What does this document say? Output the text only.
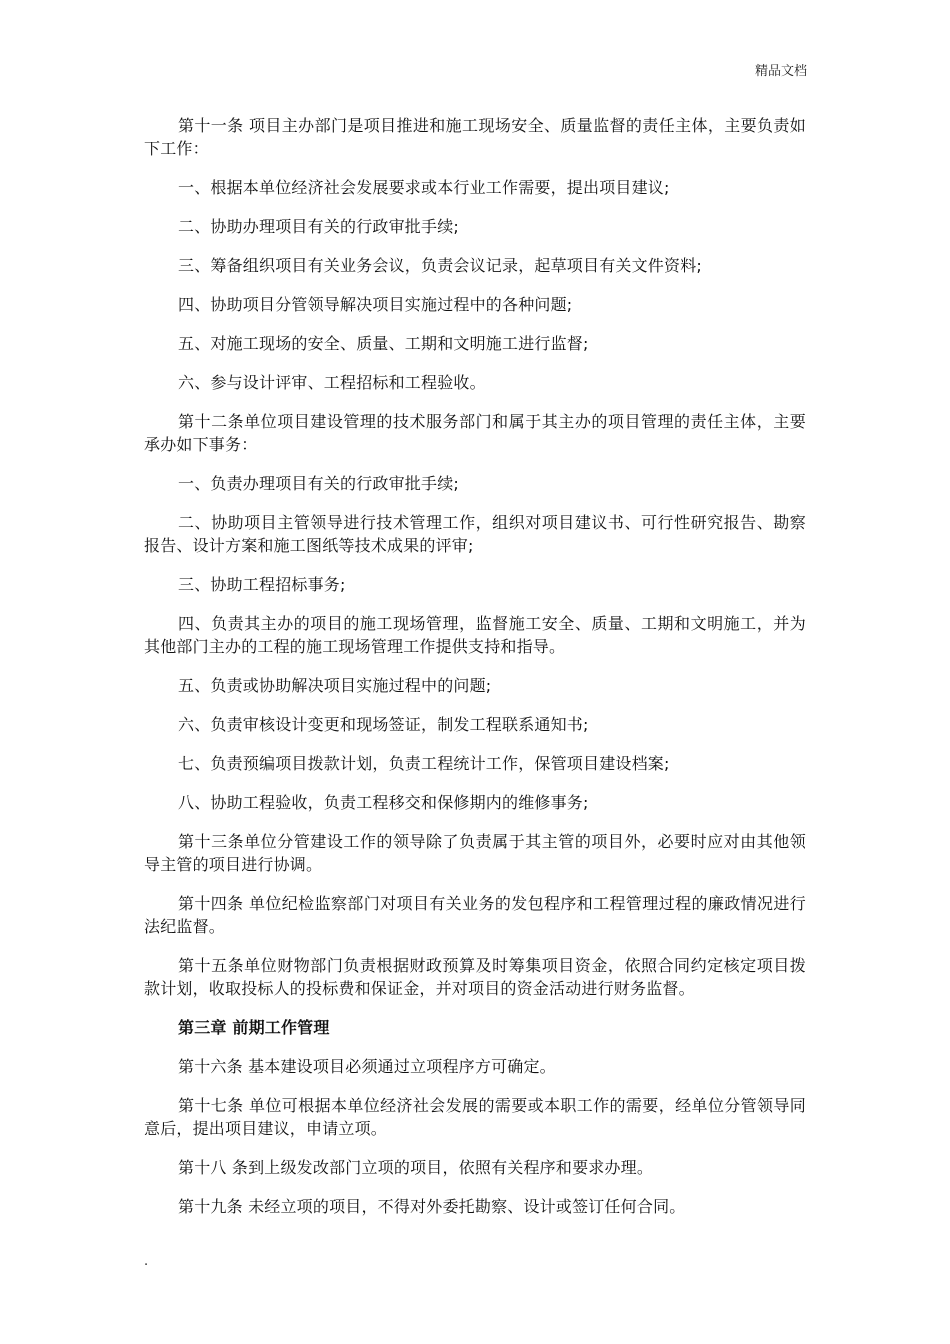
精品文档

第十一条 项目主办部门是项目推进和施工现场安全、质量监督的责任主体，主要负责如下工作：

一、根据本单位经济社会发展要求或本行业工作需要，提出项目建议;

二、协助办理项目有关的行政审批手续;

三、筹备组织项目有关业务会议，负责会议记录，起草项目有关文件资料;

四、协助项目分管领导解决项目实施过程中的各种问题;

五、对施工现场的安全、质量、工期和文明施工进行监督;

六、参与设计评审、工程招标和工程验收。

第十二条单位项目建设管理的技术服务部门和属于其主办的项目管理的责任主体，主要承办如下事务：

一、负责办理项目有关的行政审批手续;

二、协助项目主管领导进行技术管理工作，组织对项目建议书、可行性研究报告、勘察报告、设计方案和施工图纸等技术成果的评审;

三、协助工程招标事务;

四、负责其主办的项目的施工现场管理，监督施工安全、质量、工期和文明施工，并为其他部门主办的工程的施工现场管理工作提供支持和指导。

五、负责或协助解决项目实施过程中的问题;

六、负责审核设计变更和现场签证，制发工程联系通知书;

七、负责预编项目拨款计划，负责工程统计工作，保管项目建设档案;

八、协助工程验收，负责工程移交和保修期内的维修事务;

第十三条单位分管建设工作的领导除了负责属于其主管的项目外，必要时应对由其他领导主管的项目进行协调。

第十四条 单位纪检监察部门对项目有关业务的发包程序和工程管理过程的廉政情况进行法纪监督。

第十五条单位财物部门负责根据财政预算及时筹集项目资金，依照合同约定核定项目拨款计划，收取投标人的投标费和保证金，并对项目的资金活动进行财务监督。

第三章 前期工作管理

第十六条 基本建设项目必须通过立项程序方可确定。

第十七条 单位可根据本单位经济社会发展的需要或本职工作的需要，经单位分管领导同意后，提出项目建议，申请立项。

第十八 条到上级发改部门立项的项目，依照有关程序和要求办理。

第十九条 未经立项的项目，不得对外委托勘察、设计或签订任何合同。

.
